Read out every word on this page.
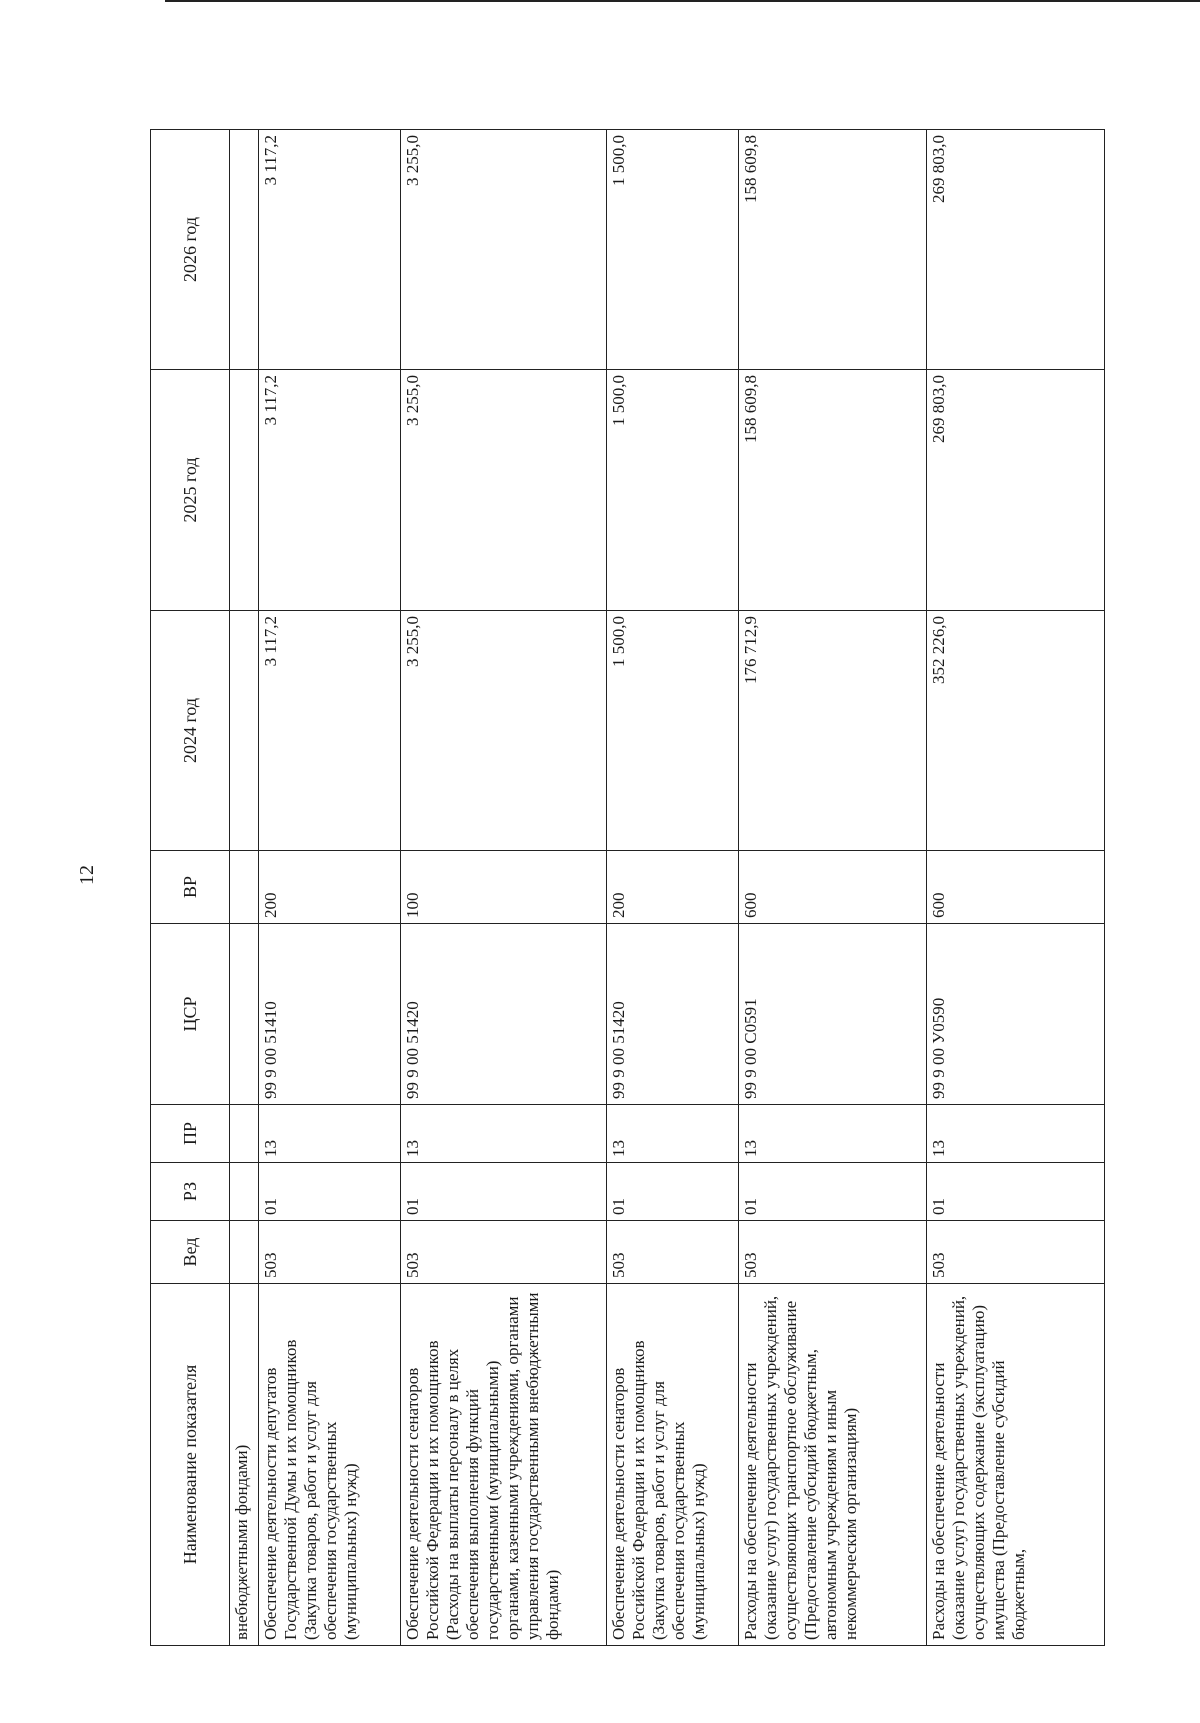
12
Наименование показателя	Вед	РЗ	ПР	ЦСР	ВР	2024 год	2025 год	2026 год
внебюджетными фондами)								
Обеспечение деятельности депутатов Государственной Думы и их помощников (Закупка товаров, работ и услуг для обеспечения государственных (муниципальных) нужд)	503	01	13	99 9 00 51410	200	3 117,2	3 117,2	3 117,2
Обеспечение деятельности сенаторов Российской Федерации и их помощников (Расходы на выплаты персоналу в целях обеспечения выполнения функций государственными (муниципальными) органами, казенными учреждениями, органами управления государственными внебюджетными фондами)	503	01	13	99 9 00 51420	100	3 255,0	3 255,0	3 255,0
Обеспечение деятельности сенаторов Российской Федерации и их помощников (Закупка товаров, работ и услуг для обеспечения государственных (муниципальных) нужд)	503	01	13	99 9 00 51420	200	1 500,0	1 500,0	1 500,0
Расходы на обеспечение деятельности (оказание услуг) государственных учреждений, осуществляющих транспортное обслуживание (Предоставление субсидий бюджетным, автономным учреждениям и иным некоммерческим организациям)	503	01	13	99 9 00 С0591	600	176 712,9	158 609,8	158 609,8
Расходы на обеспечение деятельности (оказание услуг) государственных учреждений, осуществляющих содержание (эксплуатацию) имущества (Предоставление субсидий бюджетным,	503	01	13	99 9 00 У0590	600	352 226,0	269 803,0	269 803,0
